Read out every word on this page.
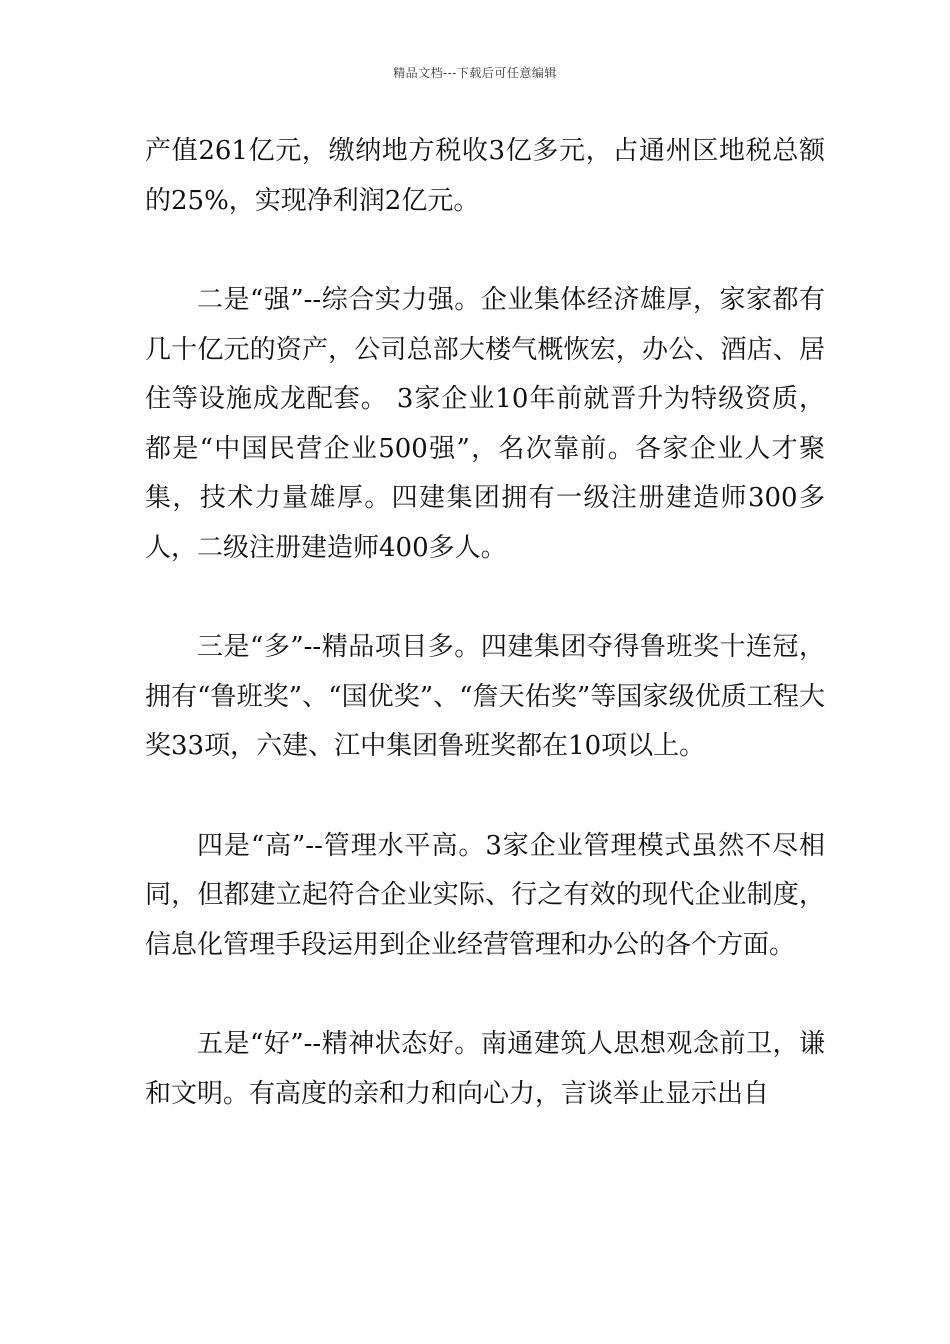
精品文档---下载后可任意编辑

产值261亿元，缴纳地方税收3亿多元，占通州区地税总额的25%，实现净利润2亿元。

二是“强”--综合实力强。企业集体经济雄厚，家家都有几十亿元的资产，公司总部大楼气概恢宏，办公、酒店、居住等设施成龙配套。 3家企业10年前就晋升为特级资质，都是“中国民营企业500强”，名次靠前。各家企业人才聚集，技术力量雄厚。四建集团拥有一级注册建造师300多人，二级注册建造师400多人。

三是“多”--精品项目多。四建集团夺得鲁班奖十连冠，拥有“鲁班奖”、“国优奖”、“詹天佑奖”等国家级优质工程大奖33项，六建、江中集团鲁班奖都在10项以上。

四是“高”--管理水平高。3家企业管理模式虽然不尽相同，但都建立起符合企业实际、行之有效的现代企业制度，信息化管理手段运用到企业经营管理和办公的各个方面。

五是“好”--精神状态好。南通建筑人思想观念前卫，谦和文明。有高度的亲和力和向心力，言谈举止显示出自
